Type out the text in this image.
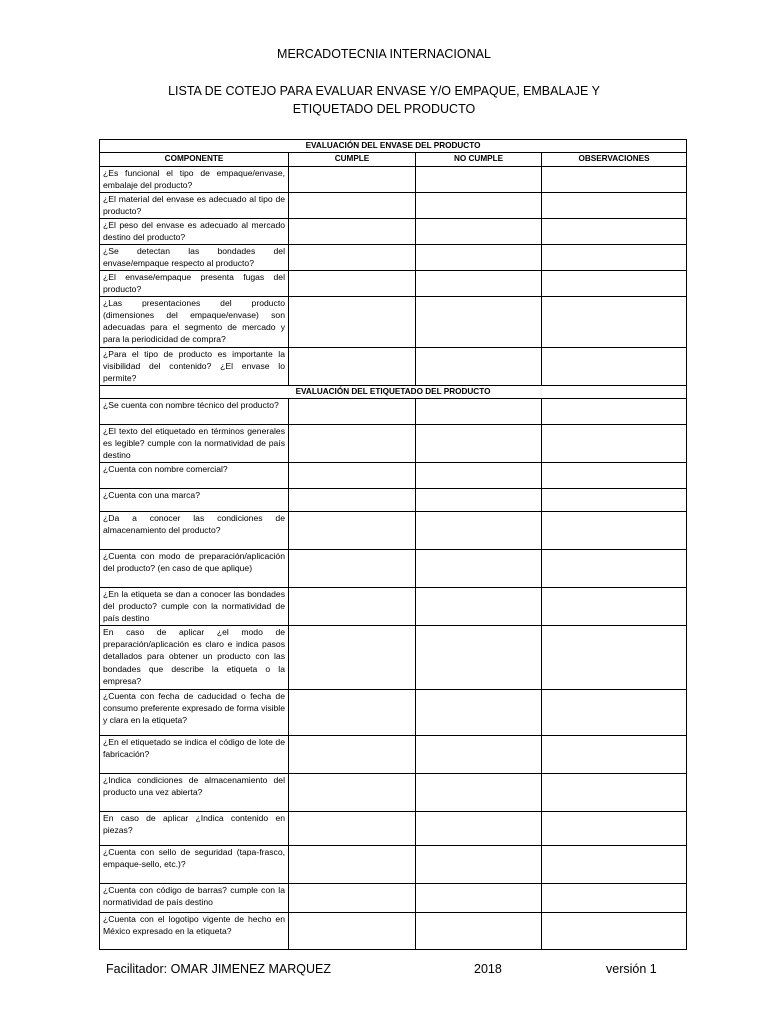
MERCADOTECNIA INTERNACIONAL
LISTA DE COTEJO PARA EVALUAR ENVASE Y/O EMPAQUE, EMBALAJE Y ETIQUETADO DEL PRODUCTO
EVALUACIÓN DEL ENVASE DEL PRODUCTO			
COMPONENTE	CUMPLE	NO CUMPLE	OBSERVACIONES
¿Es funcional el tipo de empaque/envase, embalaje del producto?			
¿El material del envase es adecuado al tipo de producto?			
¿El peso del envase es adecuado al mercado destino del producto?			
¿Se detectan las bondades del envase/empaque respecto al producto?			
¿El envase/empaque presenta fugas del producto?			
¿Las presentaciones del producto (dimensiones del empaque/envase) son adecuadas para el segmento de mercado y para la periodicidad de compra?			
¿Para el tipo de producto es importante la visibilidad del contenido? ¿El envase lo permite?			
EVALUACIÓN DEL ETIQUETADO DEL PRODUCTO			
¿Se cuenta con nombre técnico del producto?			
¿El texto del etiquetado en términos generales es legible? cumple con la normatividad de país destino			
¿Cuenta con nombre comercial?			
¿Cuenta con una marca?			
¿Da a conocer las condiciones de almacenamiento del producto?			
¿Cuenta con modo de preparación/aplicación del producto? (en caso de que aplique)			
¿En la etiqueta se dan a conocer las bondades del producto? cumple con la normatividad de país destino			
En caso de aplicar ¿el modo de preparación/aplicación es claro e indica pasos detallados para obtener un producto con las bondades que describe la etiqueta o la empresa?			
¿Cuenta con fecha de caducidad o fecha de consumo preferente expresado de forma visible y clara en la etiqueta?			
¿En el etiquetado se indica el código de lote de fabricación?			
¿Indica condiciones de almacenamiento del producto una vez abierta?			
En caso de aplicar ¿Indica contenido en piezas?			
¿Cuenta con sello de seguridad (tapa-frasco, empaque-sello, etc.)?			
¿Cuenta con código de barras? cumple con la normatividad de país destino			
¿Cuenta con el logotipo vigente de hecho en México expresado en la etiqueta?			
Facilitador: OMAR JIMENEZ MARQUEZ	2018	versión 1
